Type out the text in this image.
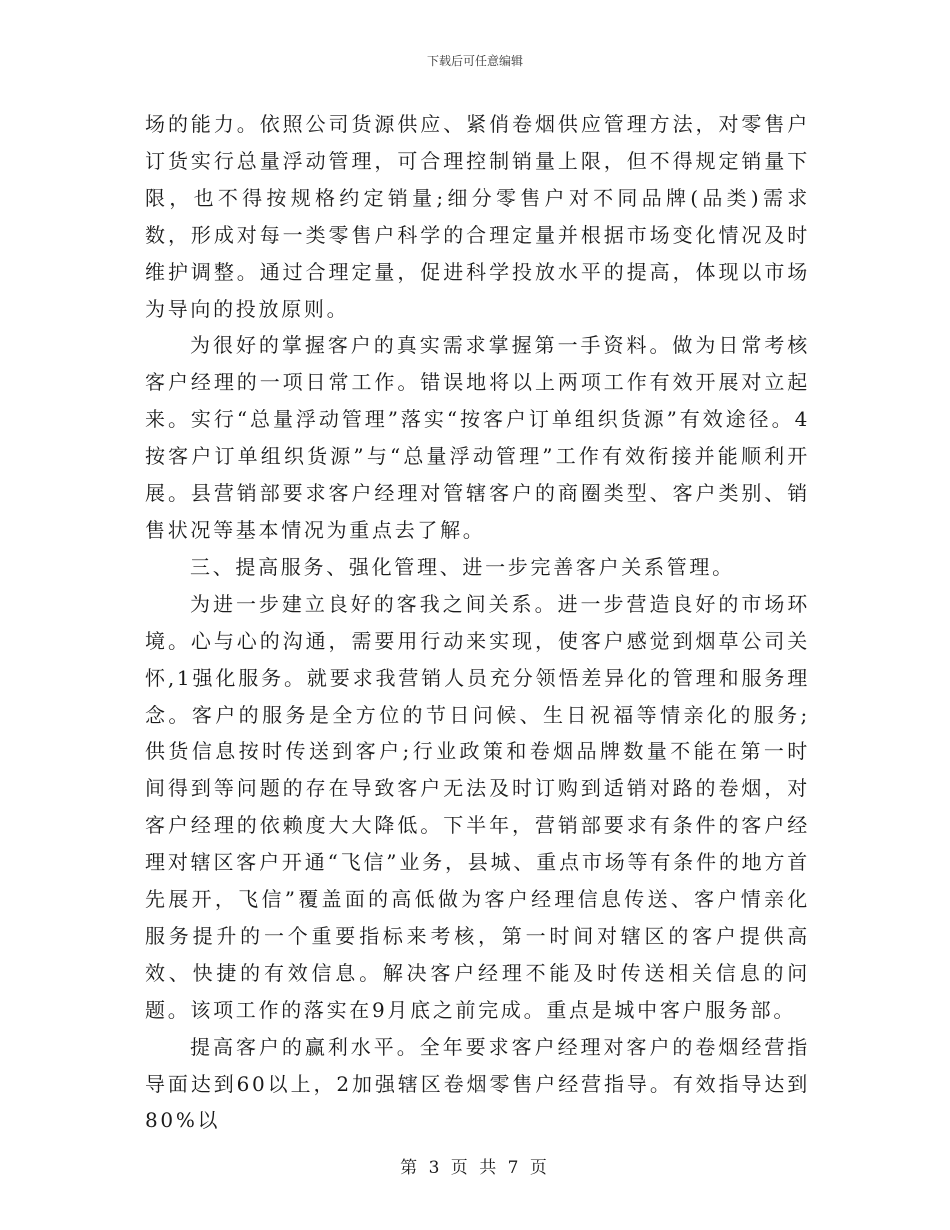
下载后可任意编辑

场的能力。依照公司货源供应、紧俏卷烟供应管理方法，对零售户订货实行总量浮动管理，可合理控制销量上限，但不得规定销量下限，也不得按规格约定销量;细分零售户对不同品牌(品类)需求数，形成对每一类零售户科学的合理定量并根据市场变化情况及时维护调整。通过合理定量，促进科学投放水平的提高，体现以市场为导向的投放原则。

为很好的掌握客户的真实需求掌握第一手资料。做为日常考核客户经理的一项日常工作。错误地将以上两项工作有效开展对立起来。实行“总量浮动管理”落实“按客户订单组织货源”有效途径。4按客户订单组织货源”与“总量浮动管理”工作有效衔接并能顺利开展。县营销部要求客户经理对管辖客户的商圈类型、客户类别、销售状况等基本情况为重点去了解。

三、提高服务、强化管理、进一步完善客户关系管理。

为进一步建立良好的客我之间关系。进一步营造良好的市场环境。心与心的沟通，需要用行动来实现，使客户感觉到烟草公司关怀,1强化服务。就要求我营销人员充分领悟差异化的管理和服务理念。客户的服务是全方位的节日问候、生日祝福等情亲化的服务;供货信息按时传送到客户;行业政策和卷烟品牌数量不能在第一时间得到等问题的存在导致客户无法及时订购到适销对路的卷烟，对客户经理的依赖度大大降低。下半年，营销部要求有条件的客户经理对辖区客户开通“飞信”业务，县城、重点市场等有条件的地方首先展开，飞信”覆盖面的高低做为客户经理信息传送、客户情亲化服务提升的一个重要指标来考核，第一时间对辖区的客户提供高效、快捷的有效信息。解决客户经理不能及时传送相关信息的问题。该项工作的落实在9月底之前完成。重点是城中客户服务部。

提高客户的赢利水平。全年要求客户经理对客户的卷烟经营指导面达到60以上，2加强辖区卷烟零售户经营指导。有效指导达到80%以

第 3 页 共 7 页
